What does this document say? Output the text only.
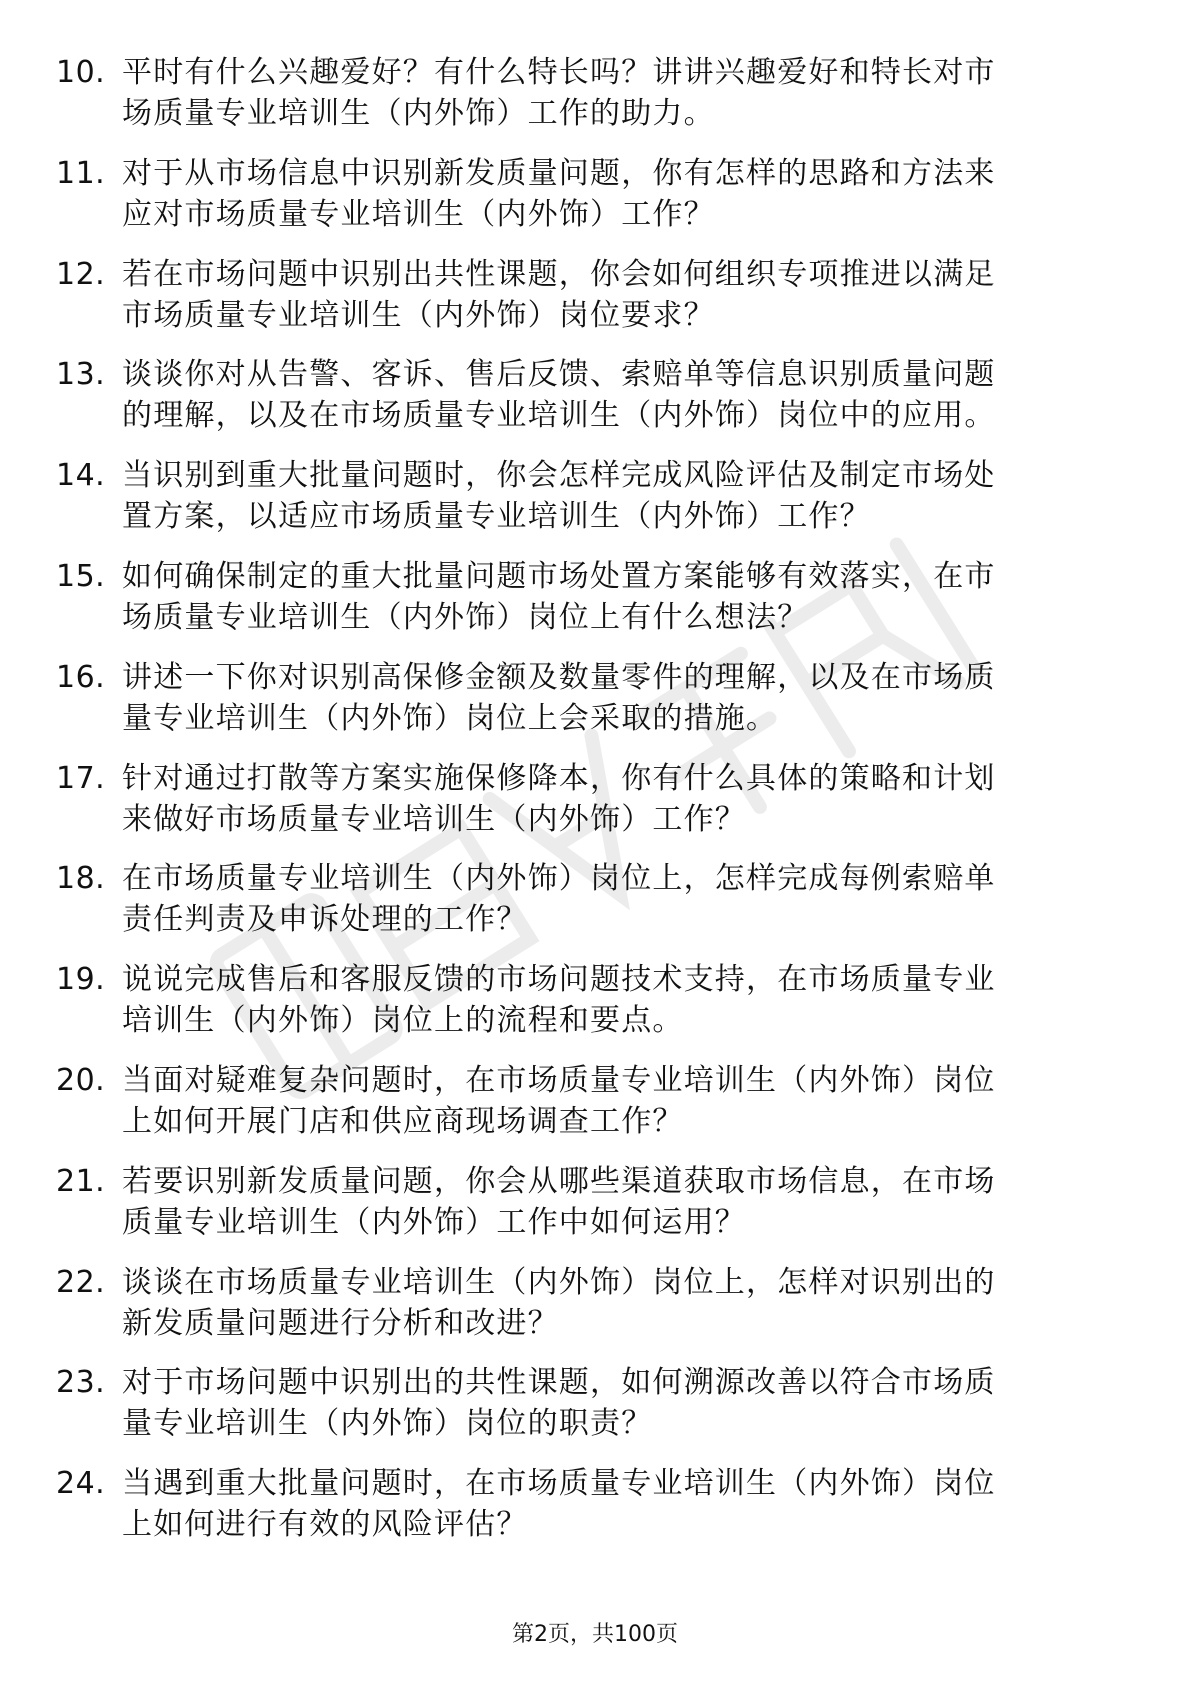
10. 平时有什么兴趣爱好？有什么特长吗？讲讲兴趣爱好和特长对市
场质量专业培训生（内外饰）工作的助力。
11. 对于从市场信息中识别新发质量问题，你有怎样的思路和方法来
应对市场质量专业培训生（内外饰）工作？
12. 若在市场问题中识别出共性课题，你会如何组织专项推进以满足
市场质量专业培训生（内外饰）岗位要求？
13. 谈谈你对从告警、客诉、售后反馈、索赔单等信息识别质量问题
的理解，以及在市场质量专业培训生（内外饰）岗位中的应用。
14. 当识别到重大批量问题时，你会怎样完成风险评估及制定市场处
置方案，以适应市场质量专业培训生（内外饰）工作？
15. 如何确保制定的重大批量问题市场处置方案能够有效落实，在市
场质量专业培训生（内外饰）岗位上有什么想法？
16. 讲述一下你对识别高保修金额及数量零件的理解，以及在市场质
量专业培训生（内外饰）岗位上会采取的措施。
17. 针对通过打散等方案实施保修降本，你有什么具体的策略和计划
来做好市场质量专业培训生（内外饰）工作？
18. 在市场质量专业培训生（内外饰）岗位上，怎样完成每例索赔单
责任判责及申诉处理的工作？
19. 说说完成售后和客服反馈的市场问题技术支持，在市场质量专业
培训生（内外饰）岗位上的流程和要点。
20. 当面对疑难复杂问题时，在市场质量专业培训生（内外饰）岗位
上如何开展门店和供应商现场调查工作？
21. 若要识别新发质量问题，你会从哪些渠道获取市场信息，在市场
质量专业培训生（内外饰）工作中如何运用？
22. 谈谈在市场质量专业培训生（内外饰）岗位上，怎样对识别出的
新发质量问题进行分析和改进？
23. 对于市场问题中识别出的共性课题，如何溯源改善以符合市场质
量专业培训生（内外饰）岗位的职责？
24. 当遇到重大批量问题时，在市场质量专业培训生（内外饰）岗位
上如何进行有效的风险评估？
第2页，共100页
